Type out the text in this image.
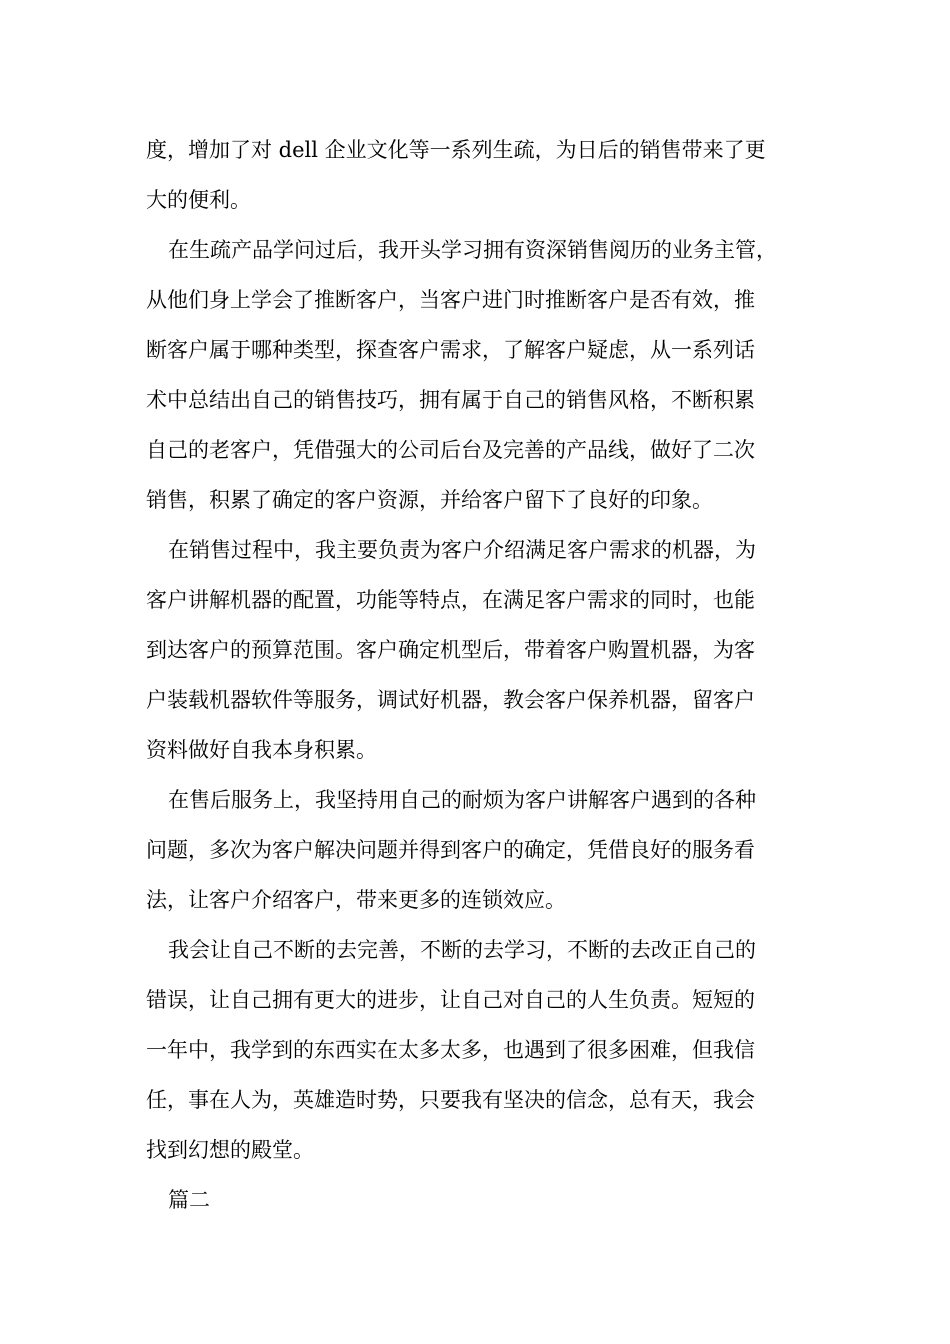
度，增加了对 dell 企业文化等一系列生疏，为日后的销售带来了更
大的便利。
在生疏产品学问过后，我开头学习拥有资深销售阅历的业务主管，
从他们身上学会了推断客户，当客户进门时推断客户是否有效，推
断客户属于哪种类型，探查客户需求，了解客户疑虑，从一系列话
术中总结出自己的销售技巧，拥有属于自己的销售风格，不断积累
自己的老客户，凭借强大的公司后台及完善的产品线，做好了二次
销售，积累了确定的客户资源，并给客户留下了良好的印象。
在销售过程中，我主要负责为客户介绍满足客户需求的机器，为
客户讲解机器的配置，功能等特点，在满足客户需求的同时，也能
到达客户的预算范围。客户确定机型后，带着客户购置机器，为客
户装载机器软件等服务，调试好机器，教会客户保养机器，留客户
资料做好自我本身积累。
在售后服务上，我坚持用自己的耐烦为客户讲解客户遇到的各种
问题，多次为客户解决问题并得到客户的确定，凭借良好的服务看
法，让客户介绍客户，带来更多的连锁效应。
我会让自己不断的去完善，不断的去学习，不断的去改正自己的
错误，让自己拥有更大的进步，让自己对自己的人生负责。短短的
一年中，我学到的东西实在太多太多，也遇到了很多困难，但我信
任，事在人为，英雄造时势，只要我有坚决的信念，总有天，我会
找到幻想的殿堂。
篇二
